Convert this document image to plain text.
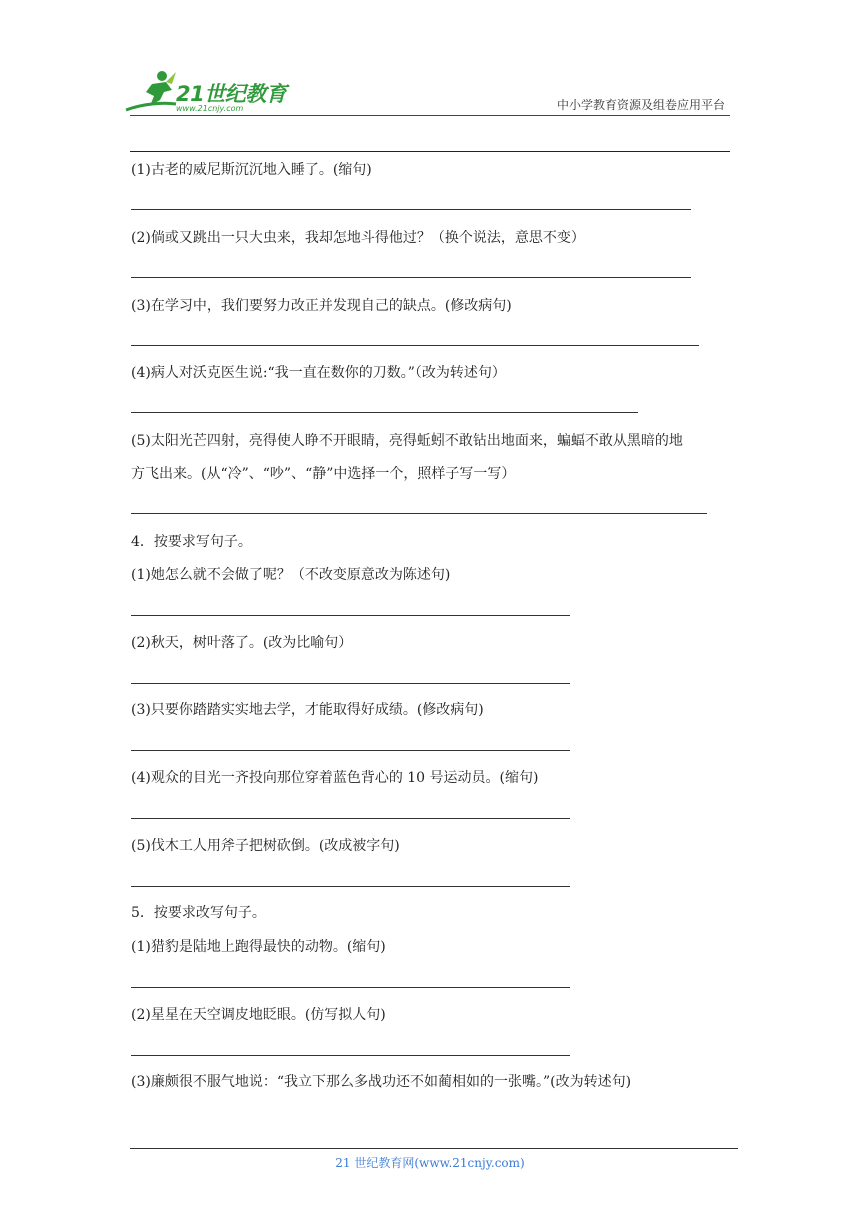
21世纪教育
www.21cnjy.com	中小学教育资源及组卷应用平台
(1)古老的威尼斯沉沉地入睡了。(缩句)
(2)倘或又跳出一只大虫来，我却怎地斗得他过？（换个说法，意思不变）
(3)在学习中，我们要努力改正并发现自己的缺点。(修改病句)
(4)病人对沃克医生说:“我一直在数你的刀数。”（改为转述句）
(5)太阳光芒四射，亮得使人睁不开眼睛，亮得蚯蚓不敢钻出地面来，蝙蝠不敢从黑暗的地
方飞出来。(从“冷”、“吵”、“静”中选择一个，照样子写一写）
4．按要求写句子。
(1)她怎么就不会做了呢？（不改变原意改为陈述句)
(2)秋天，树叶落了。(改为比喻句）
(3)只要你踏踏实实地去学，才能取得好成绩。(修改病句)
(4)观众的目光一齐投向那位穿着蓝色背心的 10 号运动员。(缩句)
(5)伐木工人用斧子把树砍倒。(改成被字句)
5．按要求改写句子。
(1)猎豹是陆地上跑得最快的动物。(缩句)
(2)星星在天空调皮地眨眼。(仿写拟人句)
(3)廉颇很不服气地说：“我立下那么多战功还不如蔺相如的一张嘴。”(改为转述句)
21 世纪教育网(www.21cnjy.com)
